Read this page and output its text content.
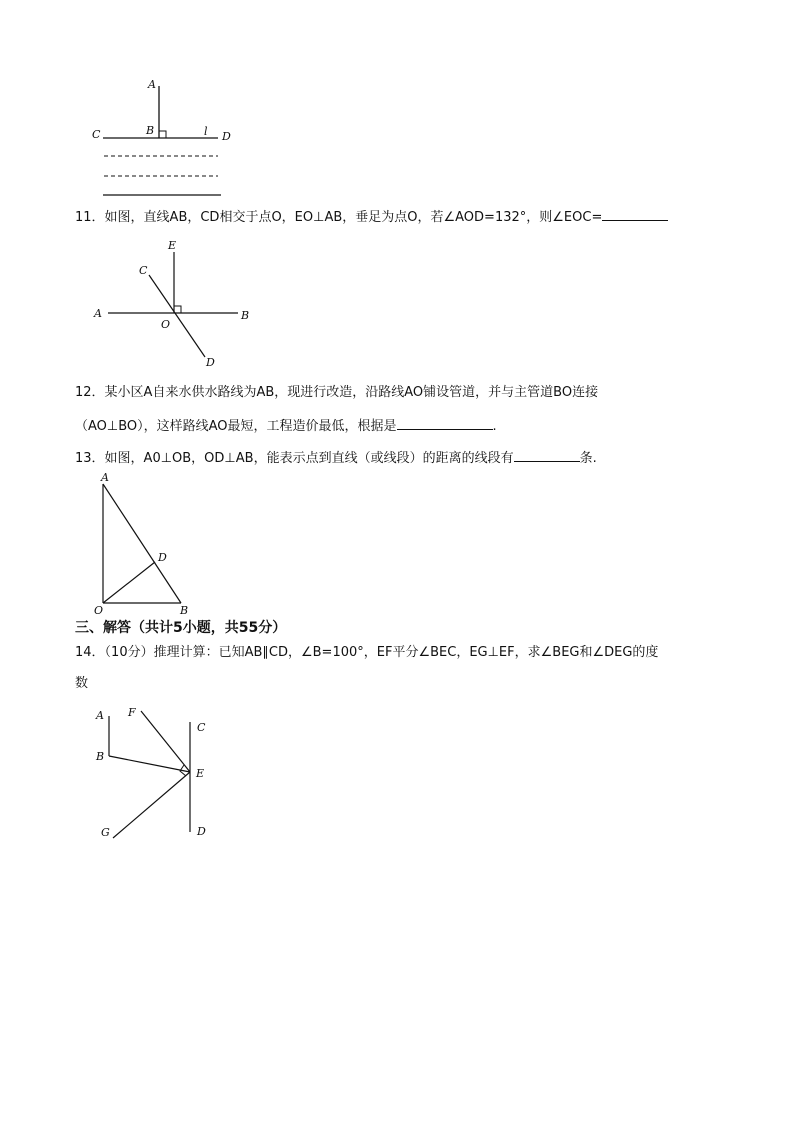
A
B
C	l D
11．如图，直线AB，CD相交于点O，EO⊥AB，垂足为点O，若∠AOD=132°，则∠EOC=
E
C
A
O
B
D
12．某小区A自来水供水路线为AB，现进行改造，沿路线AO铺设管道，并与主管道BO连接
（AO⊥BO），这样路线AO最短，工程造价最低，根据是	.
13．如图，A0⊥OB，OD⊥AB，能表示点到直线（或线段）的距离的线段有	条.
A
D
O	B
三、解答（共计5小题，共55分）
14．（10分）推理计算：已知AB∥CD，∠B=100°，EF平分∠BEC，EG⊥EF，求∠BEG和∠DEG的度
数
A F
C
B
E
G	D
